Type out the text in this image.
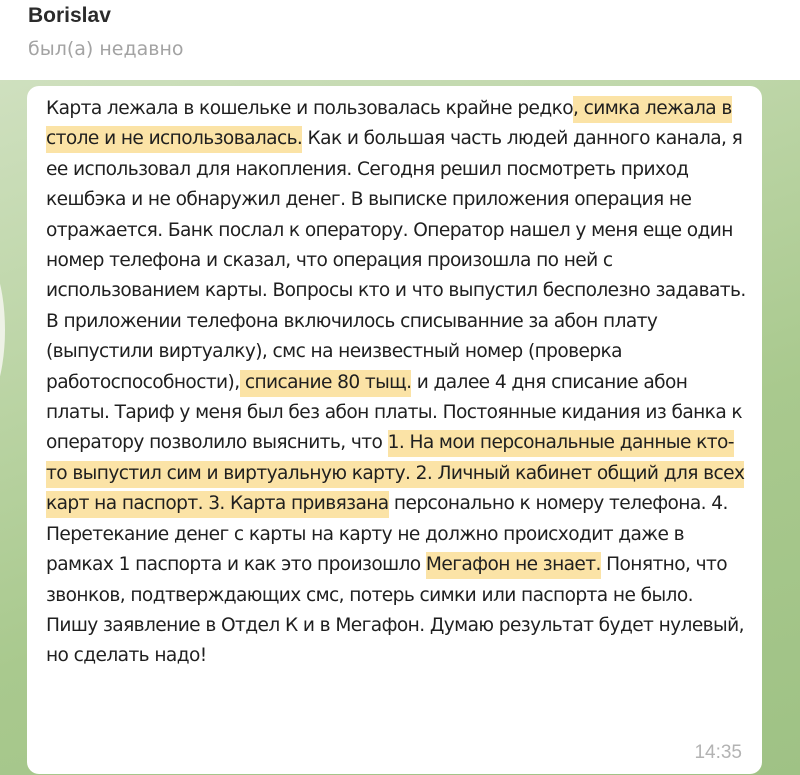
Borislav
был(а) недавно

Карта лежала в кошельке и пользовалась крайне редко, симка лежала в столе и не использовалась. Как и большая часть людей данного канала, я ее использовал для накопления. Сегодня решил посмотреть приход кешбэка и не обнаружил денег. В выписке приложения операция не отражается. Банк послал к оператору. Оператор нашел у меня еще один номер телефона и сказал, что операция произошла по ней с использованием карты. Вопросы кто и что выпустил бесполезно задавать. В приложении телефона включилось списыванние за абон плату (выпустили виртуалку), смс на неизвестный номер (проверка работоспособности), списание 80 тыщ. и далее 4 дня списание абон платы. Тариф у меня был без абон платы. Постоянные кидания из банка к оператору позволило выяснить, что 1. На мои персональные данные кто-то выпустил сим и виртуальную карту. 2. Личный кабинет общий для всех карт на паспорт. 3. Карта привязана персонально к номеру телефона. 4. Перетекание денег с карты на карту не должно происходит даже в рамках 1 паспорта и как это произошло Мегафон не знает. Понятно, что звонков, подтверждающих смс, потерь симки или паспорта не было. Пишу заявление в Отдел К и в Мегафон. Думаю результат будет нулевый, но сделать надо!

14:35
